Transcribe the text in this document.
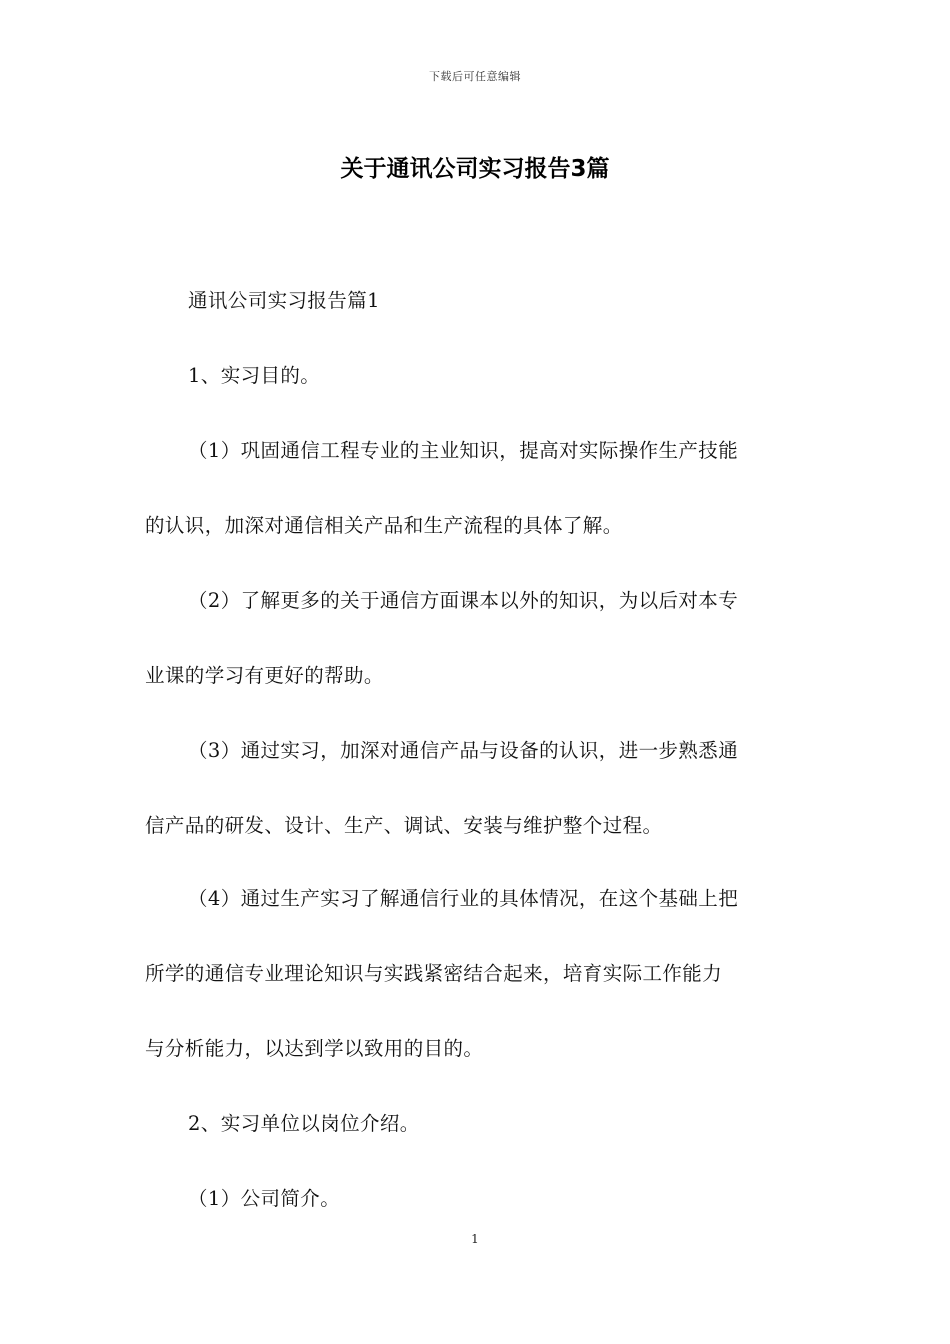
下载后可任意编辑
关于通讯公司实习报告3篇
通讯公司实习报告篇1
1、实习目的。
（1）巩固通信工程专业的主业知识，提高对实际操作生产技能
的认识，加深对通信相关产品和生产流程的具体了解。
（2）了解更多的关于通信方面课本以外的知识，为以后对本专
业课的学习有更好的帮助。
（3）通过实习，加深对通信产品与设备的认识，进一步熟悉通
信产品的研发、设计、生产、调试、安装与维护整个过程。
（4）通过生产实习了解通信行业的具体情况，在这个基础上把
所学的通信专业理论知识与实践紧密结合起来，培育实际工作能力
与分析能力，以达到学以致用的目的。
2、实习单位以岗位介绍。
（1）公司简介。
1
